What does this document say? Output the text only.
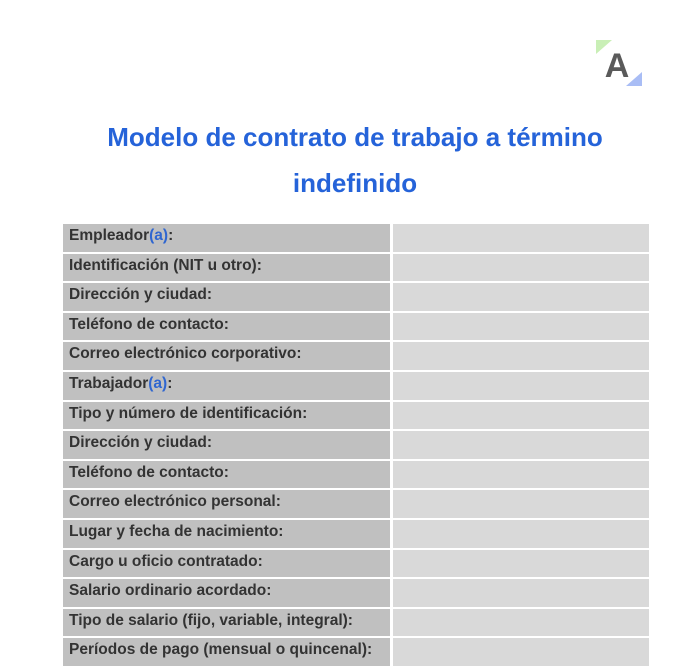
A
Modelo de contrato de trabajo a término indefinido
Empleador(a):
Identificación (NIT u otro):
Dirección y ciudad:
Teléfono de contacto:
Correo electrónico corporativo:
Trabajador(a):
Tipo y número de identificación:
Dirección y ciudad:
Teléfono de contacto:
Correo electrónico personal:
Lugar y fecha de nacimiento:
Cargo u oficio contratado:
Salario ordinario acordado:
Tipo de salario (fijo, variable, integral):
Períodos de pago (mensual o quincenal):
